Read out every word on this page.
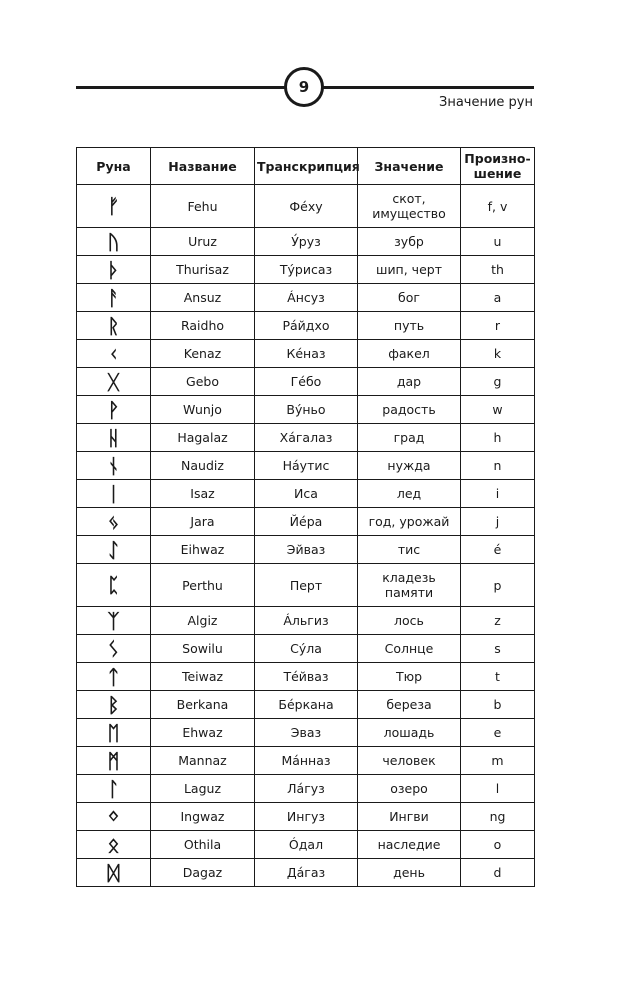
9
Значение рун
Руна	Название	Транскрипция	Значение	Произно-
шение
ᚠ	Fehu	Фéху	скот, имущество	f, v
ᚢ	Uruz	У́руз	зубр	u
ᚦ	Thurisaz	Тýрисаз	шип, черт	th
ᚨ	Ansuz	Áнсуз	бог	a
ᚱ	Raidho	Рáйдхо	путь	r
ᚲ	Kenaz	Кéназ	факел	k
ᚷ	Gebo	Гéбо	дар	g
ᚹ	Wunjo	Вýньо	радость	w
ᚺ	Hagalaz	Хáгалаз	град	h
ᚾ	Naudiz	Нáутис	нужда	n
ᛁ	Isaz	Иса	лед	i
ᛃ	Jara	Йéра	год, урожай	j
ᛇ	Eihwaz	Эйваз	тис	é
ᛈ	Perthu	Перт	кладезь памяти	p
ᛉ	Algiz	Áльгиз	лось	z
ᛊ	Sowilu	Сýла	Солнце	s
ᛏ	Teiwaz	Тéйваз	Тюр	t
ᛒ	Berkana	Бéркана	береза	b
ᛖ	Ehwaz	Эваз	лошадь	e
ᛗ	Mannaz	Мáнназ	человек	m
ᛚ	Laguz	Лáгуз	озеро	l
ᛜ	Ingwaz	Ингуз	Ингви	ng
ᛟ	Othila	Óдал	наследие	o
ᛞ	Dagaz	Дáгаз	день	d
